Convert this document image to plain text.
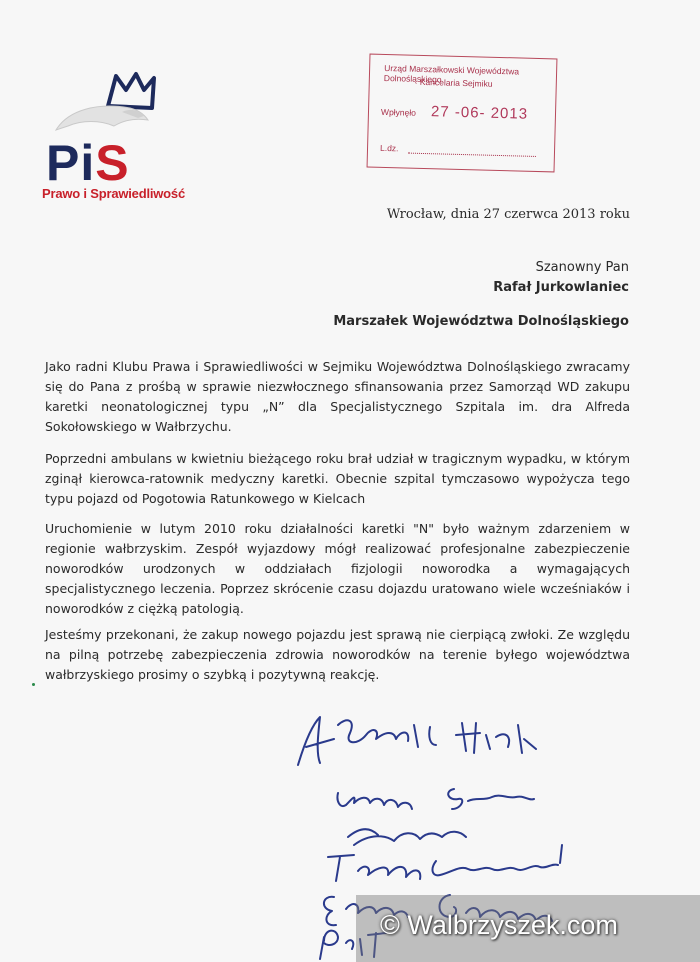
PiS
Prawo i Sprawiedliwość
Urząd Marszałkowski Województwa Dolnośląskiego
Kancelaria Sejmiku
Wpłynęło 27 -06- 2013
L.dz.
Wrocław, dnia 27 czerwca 2013 roku
Szanowny Pan
Rafał Jurkowlaniec
Marszałek Województwa Dolnośląskiego
Jako radni Klubu Prawa i Sprawiedliwości w Sejmiku Województwa Dolnośląskiego zwracamy się do Pana z prośbą w sprawie niezwłocznego sfinansowania przez Samorząd WD zakupu karetki neonatologicznej typu „N” dla Specjalistycznego Szpitala im. dra Alfreda Sokołowskiego w Wałbrzychu.
Poprzedni ambulans w kwietniu bieżącego roku brał udział w tragicznym wypadku, w którym zginął kierowca-ratownik medyczny karetki. Obecnie szpital tymczasowo wypożycza tego typu pojazd od Pogotowia Ratunkowego w Kielcach
Uruchomienie w lutym 2010 roku działalności karetki "N" było ważnym zdarzeniem w regionie wałbrzyskim. Zespół wyjazdowy mógł realizować profesjonalne zabezpieczenie noworodków urodzonych w oddziałach fizjologii noworodka a wymagających specjalistycznego leczenia. Poprzez skrócenie czasu dojazdu uratowano wiele wcześniaków i noworodków z ciężką patologią.
Jesteśmy przekonani, że zakup nowego pojazdu jest sprawą nie cierpiącą zwłoki. Ze względu na pilną potrzebę zabezpieczenia zdrowia noworodków na terenie byłego województwa wałbrzyskiego prosimy o szybką i pozytywną reakcję.
© Walbrzyszek.com
